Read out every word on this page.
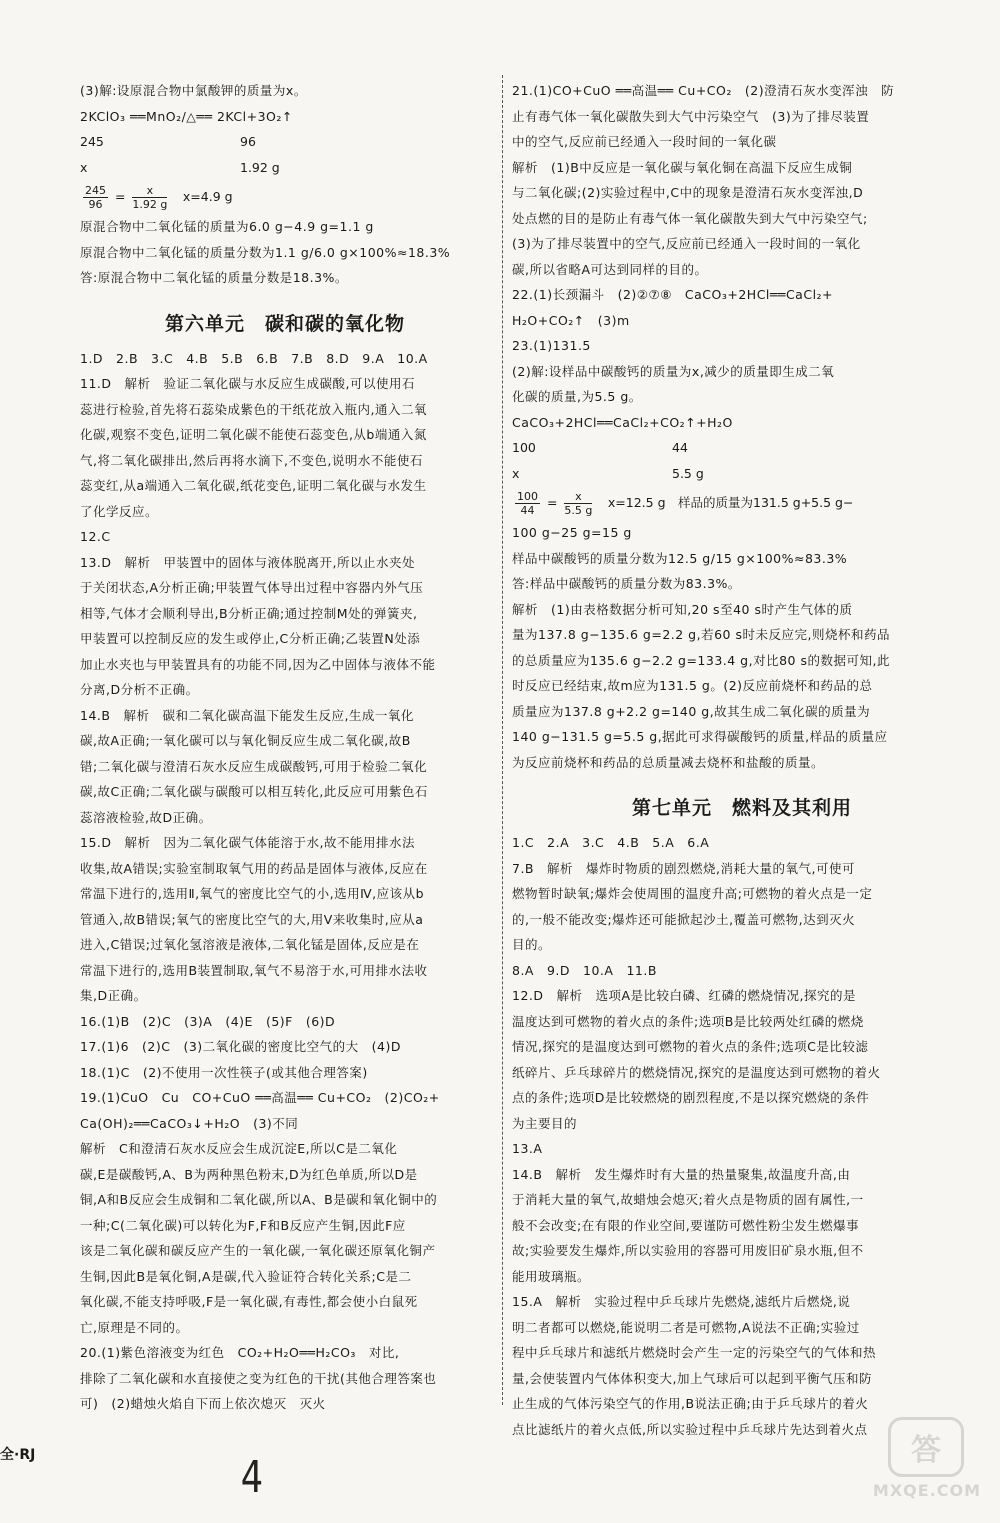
(3)解:设原混合物中氯酸钾的质量为x。
2KClO₃ ══MnO₂/△══ 2KCl+3O₂↑
245	96
x	1.92 g
$\frac{245}{96} = \frac{x}{1.92 g}$ 　x=4.9 g
原混合物中二氧化锰的质量为6.0 g−4.9 g=1.1 g
原混合物中二氧化锰的质量分数为1.1 g/6.0 g×100%≈18.3%
答:原混合物中二氧化锰的质量分数是18.3%。
第六单元　碳和碳的氧化物
1.D　2.B　3.C　4.B　5.B　6.B　7.B　8.D　9.A　10.A
11.D　解析　验证二氧化碳与水反应生成碳酸,可以使用石
蕊进行检验,首先将石蕊染成紫色的干纸花放入瓶内,通入二氧
化碳,观察不变色,证明二氧化碳不能使石蕊变色,从b端通入氮
气,将二氧化碳排出,然后再将水滴下,不变色,说明水不能使石
蕊变红,从a端通入二氧化碳,纸花变色,证明二氧化碳与水发生
了化学反应。
12.C
13.D　解析　甲装置中的固体与液体脱离开,所以止水夹处
于关闭状态,A分析正确;甲装置气体导出过程中容器内外气压
相等,气体才会顺利导出,B分析正确;通过控制M处的弹簧夹,
甲装置可以控制反应的发生或停止,C分析正确;乙装置N处添
加止水夹也与甲装置具有的功能不同,因为乙中固体与液体不能
分离,D分析不正确。
14.B　解析　碳和二氧化碳高温下能发生反应,生成一氧化
碳,故A正确;一氧化碳可以与氧化铜反应生成二氧化碳,故B
错;二氧化碳与澄清石灰水反应生成碳酸钙,可用于检验二氧化
碳,故C正确;二氧化碳与碳酸可以相互转化,此反应可用紫色石
蕊溶液检验,故D正确。
15.D　解析　因为二氧化碳气体能溶于水,故不能用排水法
收集,故A错误;实验室制取氧气用的药品是固体与液体,反应在
常温下进行的,选用Ⅱ,氧气的密度比空气的小,选用Ⅳ,应该从b
管通入,故B错误;氧气的密度比空气的大,用Ⅴ来收集时,应从a
进入,C错误;过氧化氢溶液是液体,二氧化锰是固体,反应是在
常温下进行的,选用B装置制取,氧气不易溶于水,可用排水法收
集,D正确。
16.(1)B　(2)C　(3)A　(4)E　(5)F　(6)D
17.(1)6　(2)C　(3)二氧化碳的密度比空气的大　(4)D
18.(1)C　(2)不使用一次性筷子(或其他合理答案)
19.(1)CuO　Cu　CO+CuO ══高温══ Cu+CO₂　(2)CO₂+
Ca(OH)₂══CaCO₃↓+H₂O　(3)不同
解析　C和澄清石灰水反应会生成沉淀E,所以C是二氧化
碳,E是碳酸钙,A、B为两种黑色粉末,D为红色单质,所以D是
铜,A和B反应会生成铜和二氧化碳,所以A、B是碳和氧化铜中的
一种;C(二氧化碳)可以转化为F,F和B反应产生铜,因此F应
该是二氧化碳和碳反应产生的一氧化碳,一氧化碳还原氧化铜产
生铜,因此B是氧化铜,A是碳,代入验证符合转化关系;C是二
氧化碳,不能支持呼吸,F是一氧化碳,有毒性,都会使小白鼠死
亡,原理是不同的。
20.(1)紫色溶液变为红色　CO₂+H₂O══H₂CO₃　对比,
排除了二氧化碳和水直接使之变为红色的干扰(其他合理答案也
可)　(2)蜡烛火焰自下而上依次熄灭　灭火
21.(1)CO+CuO ══高温══ Cu+CO₂　(2)澄清石灰水变浑浊　防
止有毒气体一氧化碳散失到大气中污染空气　(3)为了排尽装置
中的空气,反应前已经通入一段时间的一氧化碳
解析　(1)B中反应是一氧化碳与氧化铜在高温下反应生成铜
与二氧化碳;(2)实验过程中,C中的现象是澄清石灰水变浑浊,D
处点燃的目的是防止有毒气体一氧化碳散失到大气中污染空气;
(3)为了排尽装置中的空气,反应前已经通入一段时间的一氧化
碳,所以省略A可达到同样的目的。
22.(1)长颈漏斗　(2)②⑦⑧　CaCO₃+2HCl══CaCl₂+
H₂O+CO₂↑　(3)m
23.(1)131.5
(2)解:设样品中碳酸钙的质量为x,减少的质量即生成二氧
化碳的质量,为5.5 g。
CaCO₃+2HCl══CaCl₂+CO₂↑+H₂O
100	44
x	5.5 g
$\frac{100}{44} = \frac{x}{5.5 g}$ 　x=12.5 g　样品的质量为131.5 g+5.5 g−
100 g−25 g=15 g
样品中碳酸钙的质量分数为12.5 g/15 g×100%≈83.3%
答:样品中碳酸钙的质量分数为83.3%。
解析　(1)由表格数据分析可知,20 s至40 s时产生气体的质
量为137.8 g−135.6 g=2.2 g,若60 s时未反应完,则烧杯和药品
的总质量应为135.6 g−2.2 g=133.4 g,对比80 s的数据可知,此
时反应已经结束,故m应为131.5 g。(2)反应前烧杯和药品的总
质量应为137.8 g+2.2 g=140 g,故其生成二氧化碳的质量为
140 g−131.5 g=5.5 g,据此可求得碳酸钙的质量,样品的质量应
为反应前烧杯和药品的总质量减去烧杯和盐酸的质量。
第七单元　燃料及其利用
1.C　2.A　3.C　4.B　5.A　6.A
7.B　解析　爆炸时物质的剧烈燃烧,消耗大量的氧气,可使可
燃物暂时缺氧;爆炸会使周围的温度升高;可燃物的着火点是一定
的,一般不能改变;爆炸还可能掀起沙土,覆盖可燃物,达到灭火
目的。
8.A　9.D　10.A　11.B
12.D　解析　选项A是比较白磷、红磷的燃烧情况,探究的是
温度达到可燃物的着火点的条件;选项B是比较两处红磷的燃烧
情况,探究的是温度达到可燃物的着火点的条件;选项C是比较滤
纸碎片、乒乓球碎片的燃烧情况,探究的是温度达到可燃物的着火
点的条件;选项D是比较燃烧的剧烈程度,不是以探究燃烧的条件
为主要目的
13.A
14.B　解析　发生爆炸时有大量的热量聚集,故温度升高,由
于消耗大量的氧气,故蜡烛会熄灭;着火点是物质的固有属性,一
般不会改变;在有限的作业空间,要谨防可燃性粉尘发生燃爆事
故;实验要发生爆炸,所以实验用的容器可用废旧矿泉水瓶,但不
能用玻璃瓶。
15.A　解析　实验过程中乒乓球片先燃烧,滤纸片后燃烧,说
明二者都可以燃烧,能说明二者是可燃物,A说法不正确;实验过
程中乒乓球片和滤纸片燃烧时会产生一定的污染空气的气体和热
量,会使装置内气体体积变大,加上气球后可以起到平衡气压和防
止生成的气体污染空气的作用,B说法正确;由于乒乓球片的着火
点比滤纸片的着火点低,所以实验过程中乒乓球片先达到着火点
全·RJ	4
答
MXQE.COM
